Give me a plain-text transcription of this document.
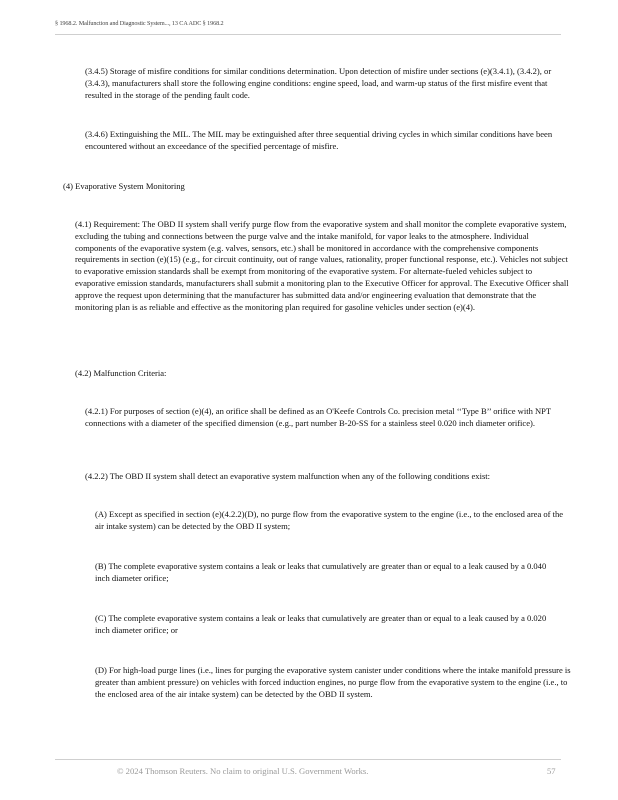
§ 1968.2. Malfunction and Diagnostic System..., 13 CA ADC § 1968.2

(3.4.5) Storage of misfire conditions for similar conditions determination. Upon detection of misfire under sections (e)(3.4.1), (3.4.2), or (3.4.3), manufacturers shall store the following engine conditions: engine speed, load, and warm-up status of the first misfire event that resulted in the storage of the pending fault code.

(3.4.6) Extinguishing the MIL. The MIL may be extinguished after three sequential driving cycles in which similar conditions have been encountered without an exceedance of the specified percentage of misfire.

(4) Evaporative System Monitoring

(4.1) Requirement: The OBD II system shall verify purge flow from the evaporative system and shall monitor the complete evaporative system, excluding the tubing and connections between the purge valve and the intake manifold, for vapor leaks to the atmosphere. Individual components of the evaporative system (e.g. valves, sensors, etc.) shall be monitored in accordance with the comprehensive components requirements in section (e)(15) (e.g., for circuit continuity, out of range values, rationality, proper functional response, etc.). Vehicles not subject to evaporative emission standards shall be exempt from monitoring of the evaporative system. For alternate-fueled vehicles subject to evaporative emission standards, manufacturers shall submit a monitoring plan to the Executive Officer for approval. The Executive Officer shall approve the request upon determining that the manufacturer has submitted data and/or engineering evaluation that demonstrate that the monitoring plan is as reliable and effective as the monitoring plan required for gasoline vehicles under section (e)(4).

(4.2) Malfunction Criteria:

(4.2.1) For purposes of section (e)(4), an orifice shall be defined as an O'Keefe Controls Co. precision metal ‘‘Type B’’ orifice with NPT connections with a diameter of the specified dimension (e.g., part number B-20-SS for a stainless steel 0.020 inch diameter orifice).

(4.2.2) The OBD II system shall detect an evaporative system malfunction when any of the following conditions exist:

(A) Except as specified in section (e)(4.2.2)(D), no purge flow from the evaporative system to the engine (i.e., to the enclosed area of the air intake system) can be detected by the OBD II system;

(B) The complete evaporative system contains a leak or leaks that cumulatively are greater than or equal to a leak caused by a 0.040 inch diameter orifice;

(C) The complete evaporative system contains a leak or leaks that cumulatively are greater than or equal to a leak caused by a 0.020 inch diameter orifice; or

(D) For high-load purge lines (i.e., lines for purging the evaporative system canister under conditions where the intake manifold pressure is greater than ambient pressure) on vehicles with forced induction engines, no purge flow from the evaporative system to the engine (i.e., to the enclosed area of the air intake system) can be detected by the OBD II system.

© 2024 Thomson Reuters. No claim to original U.S. Government Works.	57
